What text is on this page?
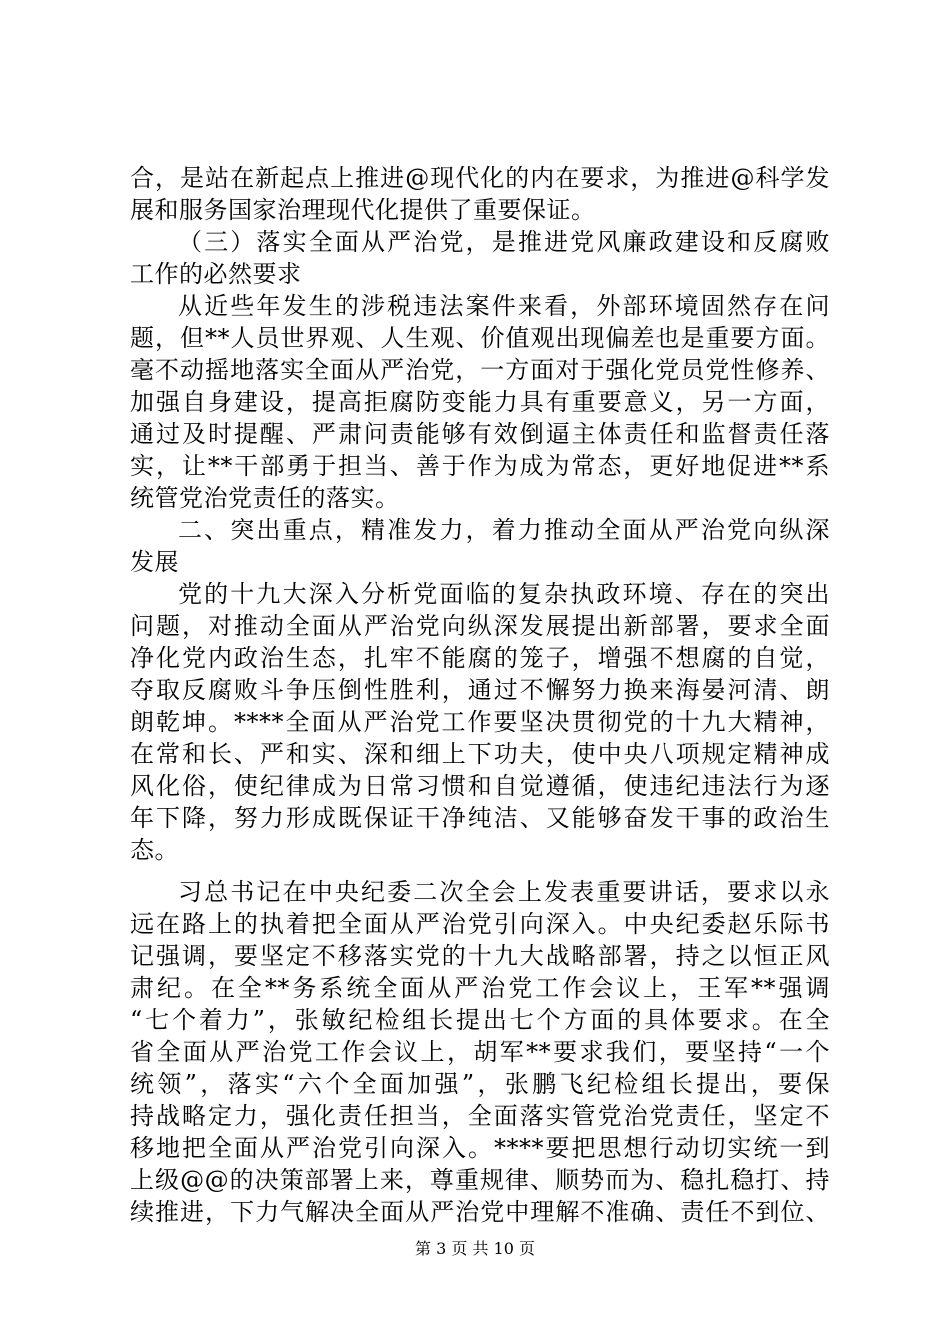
合，是站在新起点上推进@现代化的内在要求，为推进@科学发
展和服务国家治理现代化提供了重要保证。
（三）落实全面从严治党，是推进党风廉政建设和反腐败
工作的必然要求
从近些年发生的涉税违法案件来看，外部环境固然存在问
题，但**人员世界观、人生观、价值观出现偏差也是重要方面。
毫不动摇地落实全面从严治党，一方面对于强化党员党性修养、
加强自身建设，提高拒腐防变能力具有重要意义，另一方面，
通过及时提醒、严肃问责能够有效倒逼主体责任和监督责任落
实，让**干部勇于担当、善于作为成为常态，更好地促进**系
统管党治党责任的落实。
二、突出重点，精准发力，着力推动全面从严治党向纵深
发展
党的十九大深入分析党面临的复杂执政环境、存在的突出
问题，对推动全面从严治党向纵深发展提出新部署，要求全面
净化党内政治生态，扎牢不能腐的笼子，增强不想腐的自觉，
夺取反腐败斗争压倒性胜利，通过不懈努力换来海晏河清、朗
朗乾坤。****全面从严治党工作要坚决贯彻党的十九大精神，
在常和长、严和实、深和细上下功夫，使中央八项规定精神成
风化俗，使纪律成为日常习惯和自觉遵循，使违纪违法行为逐
年下降，努力形成既保证干净纯洁、又能够奋发干事的政治生
态。
习总书记在中央纪委二次全会上发表重要讲话，要求以永
远在路上的执着把全面从严治党引向深入。中央纪委赵乐际书
记强调，要坚定不移落实党的十九大战略部署，持之以恒正风
肃纪。在全**务系统全面从严治党工作会议上，王军**强调
“七个着力”，张敏纪检组长提出七个方面的具体要求。在全
省全面从严治党工作会议上，胡军**要求我们，要坚持“一个
统领”，落实“六个全面加强”，张鹏飞纪检组长提出，要保
持战略定力，强化责任担当，全面落实管党治党责任，坚定不
移地把全面从严治党引向深入。****要把思想行动切实统一到
上级@@的决策部署上来，尊重规律、顺势而为、稳扎稳打、持
续推进，下力气解决全面从严治党中理解不准确、责任不到位、
第 3 页 共 10 页
